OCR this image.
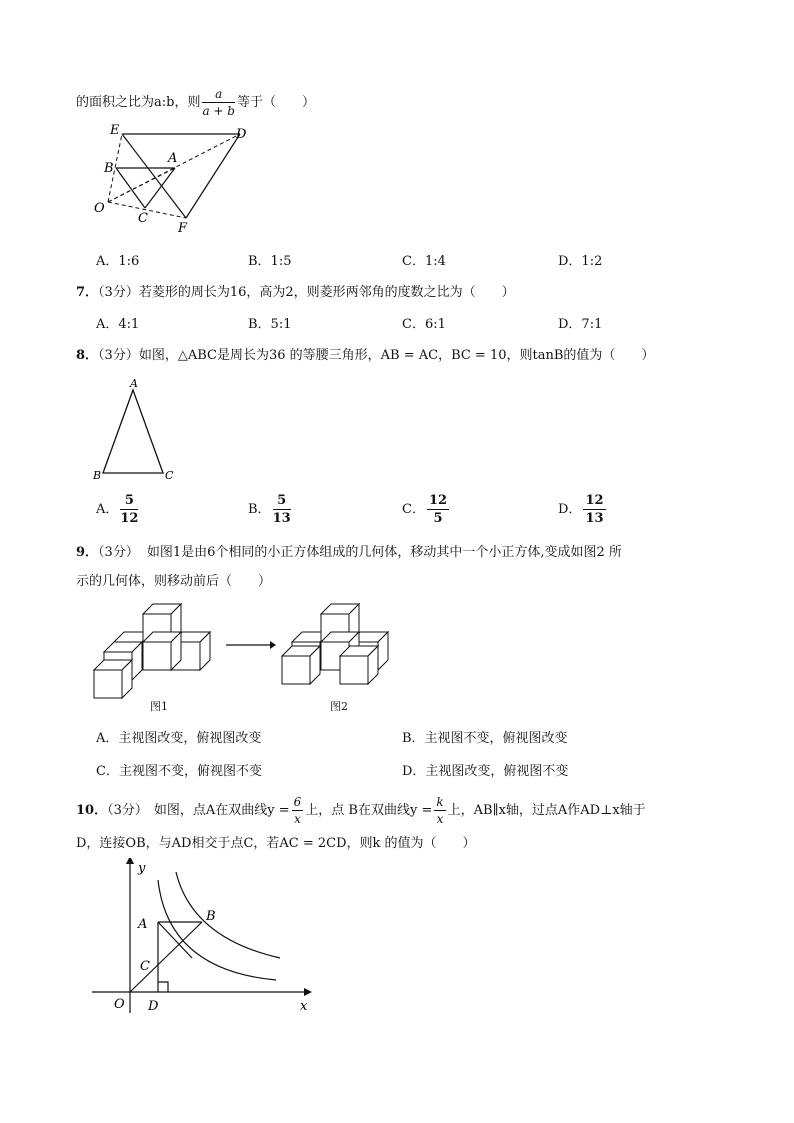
的面积之比为a:b，则 $\frac{a}{a + b}$ 等于（　　）
E	D
B
A
O
C
F
A．1:6	B．1:5	C．1:4	D．1:2
7．（3分）若菱形的周长为16，高为2，则菱形两邻角的度数之比为（　　）
A．4:1	B．5:1	C．6:1	D．7:1
8．（3分）如图，△ABC是周长为36 的等腰三角形，AB = AC，BC = 10，则tanB的值为（　　）
A
B	C
A． $\frac{5}{12}$	B． $\frac{5}{13}$	C． $\frac{12}{5}$	D． $\frac{12}{13}$
9．（3分） 如图1是由6个相同的小正方体组成的几何体，移动其中一个小正方体,变成如图2 所
示的几何体，则移动前后（　　）
图1	图2
A．主视图改变，俯视图改变	B．主视图不变，俯视图改变
C．主视图不变，俯视图不变	D．主视图改变，俯视图不变
10．（3分） 如图，点A在双曲线$y = \frac{6}{x}$ 上，点 B在双曲线$y = \frac{k}{x}$ 上，AB∥x轴，过点A作AD⊥x轴于
D，连接OB，与AD相交于点C，若AC = 2CD，则k 的值为（　　）
y
x
A
B
C
O D
